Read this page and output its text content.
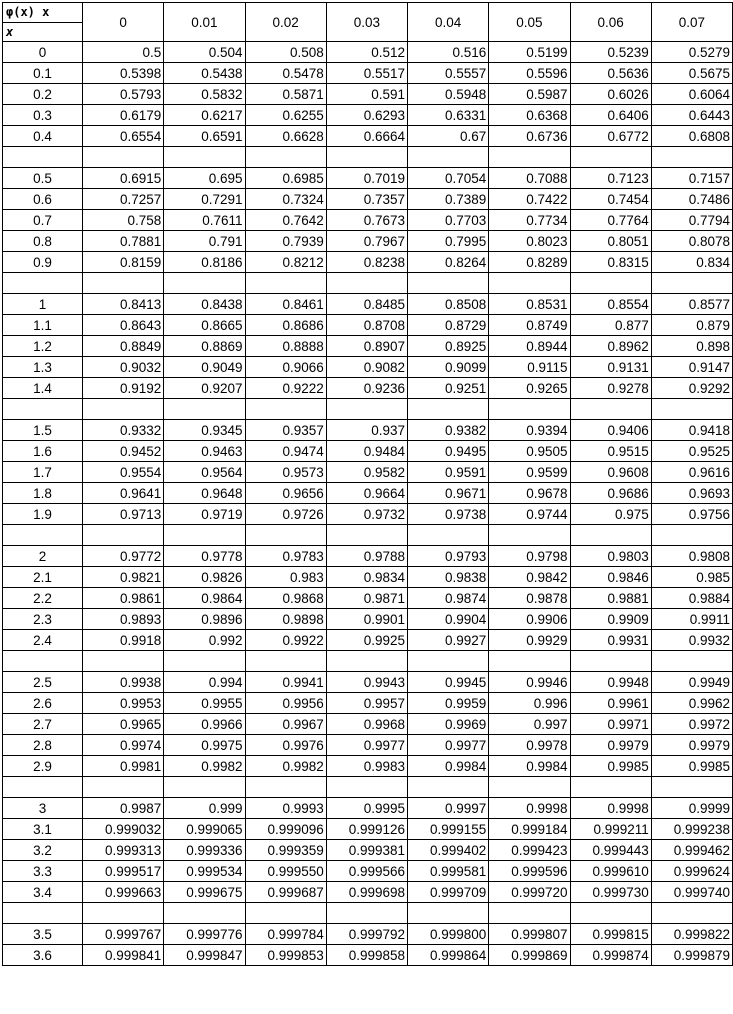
φ(x) x
x	0	0.01	0.02	0.03	0.04	0.05	0.06	0.07
0	0.5	0.504	0.508	0.512	0.516	0.5199	0.5239	0.5279
0.1	0.5398	0.5438	0.5478	0.5517	0.5557	0.5596	0.5636	0.5675
0.2	0.5793	0.5832	0.5871	0.591	0.5948	0.5987	0.6026	0.6064
0.3	0.6179	0.6217	0.6255	0.6293	0.6331	0.6368	0.6406	0.6443
0.4	0.6554	0.6591	0.6628	0.6664	0.67	0.6736	0.6772	0.6808

0.5	0.6915	0.695	0.6985	0.7019	0.7054	0.7088	0.7123	0.7157
0.6	0.7257	0.7291	0.7324	0.7357	0.7389	0.7422	0.7454	0.7486
0.7	0.758	0.7611	0.7642	0.7673	0.7703	0.7734	0.7764	0.7794
0.8	0.7881	0.791	0.7939	0.7967	0.7995	0.8023	0.8051	0.8078
0.9	0.8159	0.8186	0.8212	0.8238	0.8264	0.8289	0.8315	0.834

1	0.8413	0.8438	0.8461	0.8485	0.8508	0.8531	0.8554	0.8577
1.1	0.8643	0.8665	0.8686	0.8708	0.8729	0.8749	0.877	0.879
1.2	0.8849	0.8869	0.8888	0.8907	0.8925	0.8944	0.8962	0.898
1.3	0.9032	0.9049	0.9066	0.9082	0.9099	0.9115	0.9131	0.9147
1.4	0.9192	0.9207	0.9222	0.9236	0.9251	0.9265	0.9278	0.9292

1.5	0.9332	0.9345	0.9357	0.937	0.9382	0.9394	0.9406	0.9418
1.6	0.9452	0.9463	0.9474	0.9484	0.9495	0.9505	0.9515	0.9525
1.7	0.9554	0.9564	0.9573	0.9582	0.9591	0.9599	0.9608	0.9616
1.8	0.9641	0.9648	0.9656	0.9664	0.9671	0.9678	0.9686	0.9693
1.9	0.9713	0.9719	0.9726	0.9732	0.9738	0.9744	0.975	0.9756

2	0.9772	0.9778	0.9783	0.9788	0.9793	0.9798	0.9803	0.9808
2.1	0.9821	0.9826	0.983	0.9834	0.9838	0.9842	0.9846	0.985
2.2	0.9861	0.9864	0.9868	0.9871	0.9874	0.9878	0.9881	0.9884
2.3	0.9893	0.9896	0.9898	0.9901	0.9904	0.9906	0.9909	0.9911
2.4	0.9918	0.992	0.9922	0.9925	0.9927	0.9929	0.9931	0.9932

2.5	0.9938	0.994	0.9941	0.9943	0.9945	0.9946	0.9948	0.9949
2.6	0.9953	0.9955	0.9956	0.9957	0.9959	0.996	0.9961	0.9962
2.7	0.9965	0.9966	0.9967	0.9968	0.9969	0.997	0.9971	0.9972
2.8	0.9974	0.9975	0.9976	0.9977	0.9977	0.9978	0.9979	0.9979
2.9	0.9981	0.9982	0.9982	0.9983	0.9984	0.9984	0.9985	0.9985

3	0.9987	0.999	0.9993	0.9995	0.9997	0.9998	0.9998	0.9999
3.1	0.999032	0.999065	0.999096	0.999126	0.999155	0.999184	0.999211	0.999238
3.2	0.999313	0.999336	0.999359	0.999381	0.999402	0.999423	0.999443	0.999462
3.3	0.999517	0.999534	0.999550	0.999566	0.999581	0.999596	0.999610	0.999624
3.4	0.999663	0.999675	0.999687	0.999698	0.999709	0.999720	0.999730	0.999740

3.5	0.999767	0.999776	0.999784	0.999792	0.999800	0.999807	0.999815	0.999822
3.6	0.999841	0.999847	0.999853	0.999858	0.999864	0.999869	0.999874	0.999879
